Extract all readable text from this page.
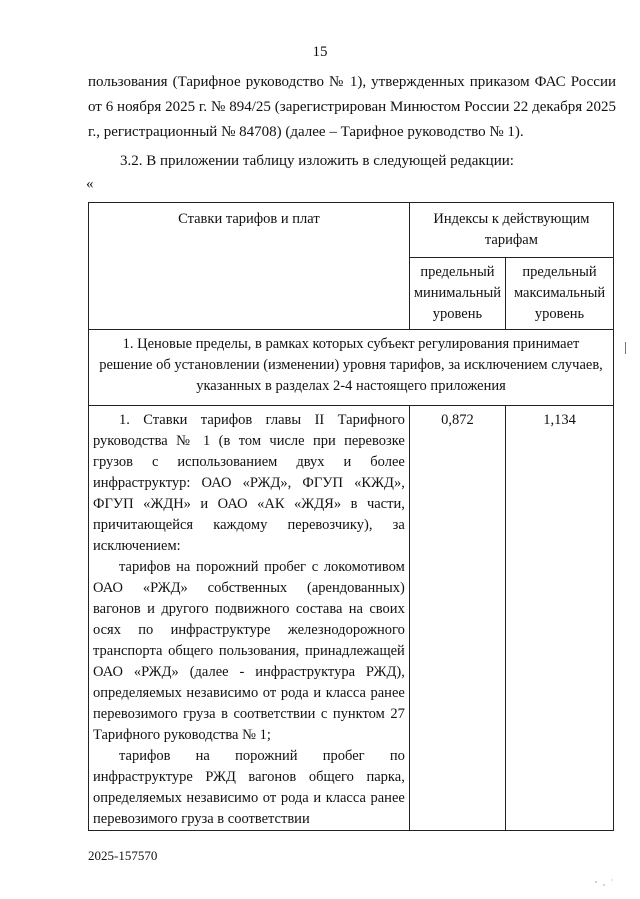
15

пользования (Тарифное руководство № 1), утвержденных приказом ФАС России от 6 ноября 2025 г. № 894/25 (зарегистрирован Минюстом России 22 декабря 2025 г., регистрационный № 84708) (далее – Тарифное руководство № 1).

3.2. В приложении таблицу изложить в следующей редакции:

«
Ставки тарифов и плат	Индексы к действующим тарифам	
	предельный минимальный уровень	предельный максимальный уровень
1. Ценовые пределы, в рамках которых субъект регулирования принимает решение об установлении (изменении) уровня тарифов, за исключением случаев, указанных в разделах 2-4 настоящего приложения		

1. Ставки тарифов главы II Тарифного руководства № 1 (в том числе при перевозке грузов с использованием двух и более инфраструктур: ОАО «РЖД», ФГУП «КЖД», ФГУП «ЖДН» и ОАО «АК «ЖДЯ» в части, причитающейся каждому перевозчику), за исключением:

тарифов на порожний пробег с локомотивом ОАО «РЖД» собственных (арендованных) вагонов и другого подвижного состава на своих осях по инфраструктуре железнодорожного транспорта общего пользования, принадлежащей ОАО «РЖД» (далее - инфраструктура РЖД), определяемых независимо от рода и класса ранее перевозимого груза в соответствии с пунктом 27 Тарифного руководства № 1;

тарифов на порожний пробег по инфраструктуре РЖД вагонов общего парка, определяемых независимо от рода и класса ранее перевозимого груза в соответствии	0,872	1,134
2025-157570
